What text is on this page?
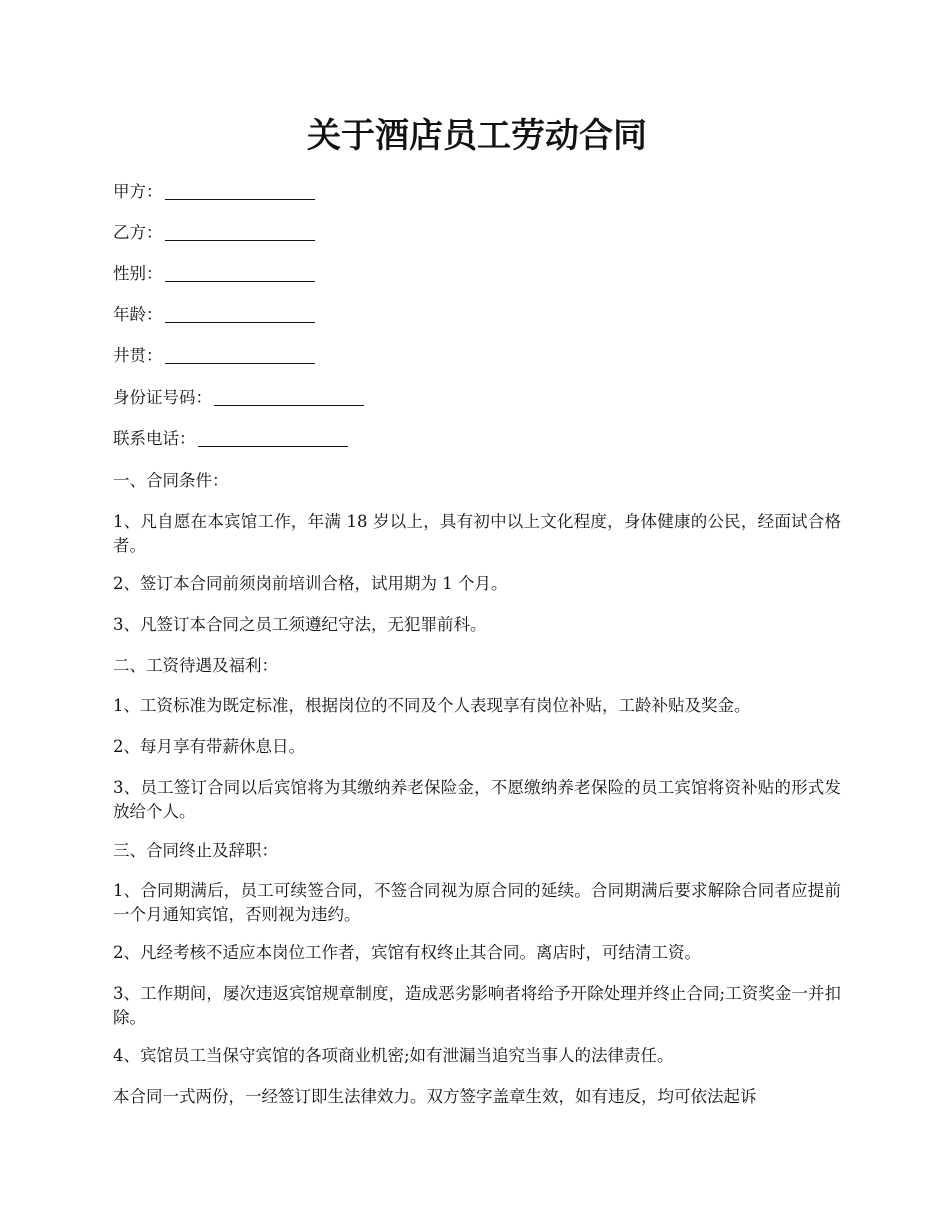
关于酒店员工劳动合同
甲方：
乙方：
性别：
年龄：
井贯：
身份证号码：
联系电话：

一、合同条件：

1、凡自愿在本宾馆工作，年满 18 岁以上，具有初中以上文化程度，身体健康的公民，经面试合格者。

2、签订本合同前须岗前培训合格，试用期为 1 个月。

3、凡签订本合同之员工须遵纪守法，无犯罪前科。

二、工资待遇及福利：

1、工资标准为既定标准，根据岗位的不同及个人表现享有岗位补贴，工龄补贴及奖金。

2、每月享有带薪休息日。

3、员工签订合同以后宾馆将为其缴纳养老保险金，不愿缴纳养老保险的员工宾馆将资补贴的形式发放给个人。

三、合同终止及辞职：

1、合同期满后，员工可续签合同，不签合同视为原合同的延续。合同期满后要求解除合同者应提前一个月通知宾馆，否则视为违约。

2、凡经考核不适应本岗位工作者，宾馆有权终止其合同。离店时，可结清工资。

3、工作期间，屡次违返宾馆规章制度，造成恶劣影响者将给予开除处理并终止合同;工资奖金一并扣除。

4、宾馆员工当保守宾馆的各项商业机密;如有泄漏当追究当事人的法律责任。

本合同一式两份，一经签订即生法律效力。双方签字盖章生效，如有违反，均可依法起诉
